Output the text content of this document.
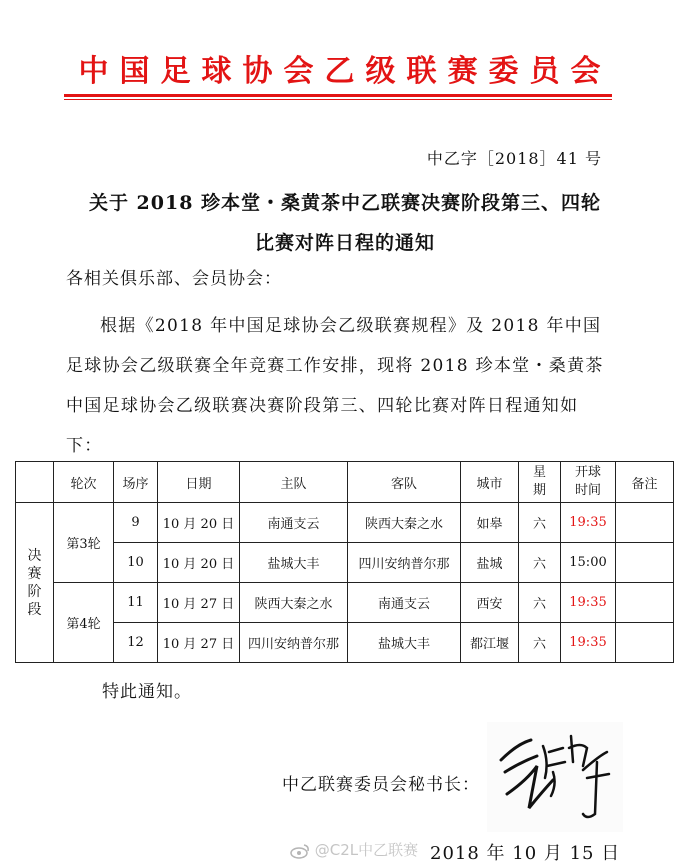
中国足球协会乙级联赛委员会
中乙字［2018］41 号
关于 2018 珍本堂・桑黄茶中乙联赛决赛阶段第三、四轮
比赛对阵日程的通知
各相关俱乐部、会员协会：

根据《2018 年中国足球协会乙级联赛规程》及 2018 年中国足球协会乙级联赛全年竞赛工作安排，现将 2018 珍本堂・桑黄茶中国足球协会乙级联赛决赛阶段第三、四轮比赛对阵日程通知如下：

	轮次	场序	日期	主队	客队	城市	星期	开球时间	备注
决
赛
阶
段	第3轮	9	10 月 20 日	南通支云	陕西大秦之水	如皋	六	19:35	
		10	10 月 20 日	盐城大丰	四川安纳普尔那	盐城	六	15:00	
	第4轮	11	10 月 27 日	陕西大秦之水	南通支云	西安	六	19:35	
		12	10 月 27 日	四川安纳普尔那	盐城大丰	都江堰	六	19:35	
特此通知。
中乙联赛委员会秘书长：
@C2L中乙联赛 2018 年 10 月 15 日
